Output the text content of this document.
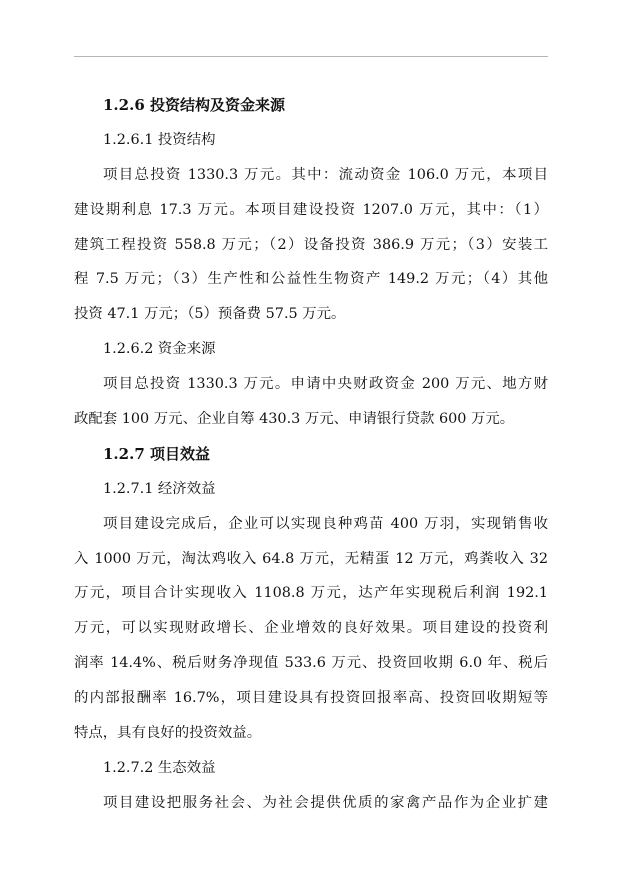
1.2.6 投资结构及资金来源
1.2.6.1 投资结构
项目总投资 1330.3 万元。其中：流动资金 106.0 万元，本项目
建设期利息 17.3 万元。本项目建设投资 1207.0 万元，其中：（1）
建筑工程投资 558.8 万元；（2）设备投资 386.9 万元；（3）安装工
程 7.5 万元；（3）生产性和公益性生物资产 149.2 万元；（4）其他
投资 47.1 万元；（5）预备费 57.5 万元。
1.2.6.2 资金来源
项目总投资 1330.3 万元。申请中央财政资金 200 万元、地方财
政配套 100 万元、企业自筹 430.3 万元、申请银行贷款 600 万元。
1.2.7 项目效益
1.2.7.1 经济效益
项目建设完成后，企业可以实现良种鸡苗 400 万羽，实现销售收
入 1000 万元，淘汰鸡收入 64.8 万元，无精蛋 12 万元，鸡粪收入 32
万元，项目合计实现收入 1108.8 万元，达产年实现税后利润 192.1
万元，可以实现财政增长、企业增效的良好效果。项目建设的投资利
润率 14.4%、税后财务净现值 533.6 万元、投资回收期 6.0 年、税后
的内部报酬率 16.7%，项目建设具有投资回报率高、投资回收期短等
特点，具有良好的投资效益。
1.2.7.2 生态效益
项目建设把服务社会、为社会提供优质的家禽产品作为企业扩建
